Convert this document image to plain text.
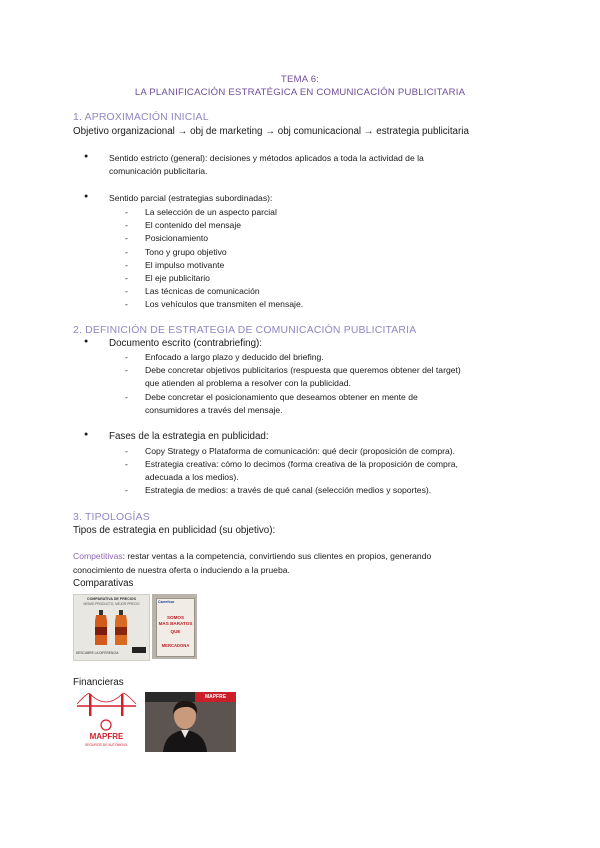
TEMA 6:
LA PLANIFICACIÓN ESTRATÉGICA EN COMUNICACIÓN PUBLICITARIA
1. APROXIMACIÓN INICIAL
Objetivo organizacional → obj de marketing → obj comunicacional → estrategia publicitaria
● Sentido estricto (general): decisiones y métodos aplicados a toda la actividad de la
comunicación publicitaria.
● Sentido parcial (estrategias subordinadas):
- La selección de un aspecto parcial
- El contenido del mensaje
- Posicionamiento
- Tono y grupo objetivo
- El impulso motivante
- El eje publicitario
- Las técnicas de comunicación
- Los vehículos que transmiten el mensaje.
2. DEFINICIÓN DE ESTRATEGIA DE COMUNICACIÓN PUBLICITARIA
● Documento escrito (contrabriefing):
- Enfocado a largo plazo y deducido del briefing.
- Debe concretar objetivos publicitarios (respuesta que queremos obtener del target)
que atienden al problema a resolver con la publicidad.
- Debe concretar el posicionamiento que deseamos obtener en mente de
consumidores a través del mensaje.
● Fases de la estrategia en publicidad:
- Copy Strategy o Plataforma de comunicación: qué decir (proposición de compra).
- Estrategia creativa: cómo lo decimos (forma creativa de la proposición de compra,
adecuada a los medios).
- Estrategia de medios: a través de qué canal (selección medios y soportes).
3. TIPOLOGÍAS
Tipos de estrategia en publicidad (su objetivo):
Competitivas: restar ventas a la competencia, convirtiendo sus clientes en propios, generando
conocimiento de nuestra oferta o induciendo a la prueba.
Comparativas
COMPARATIVA DE PRECIOS
MISMO PRODUCTO, MEJOR PRECIO
DESCUBRE LA DIFERENCIA
Carrefour
SOMOS
MAS BARATOS
QUE
MERCADONA
Financieras
MAPFRE
SEGUROS DE AUTOMOVIL
MAPFRE
